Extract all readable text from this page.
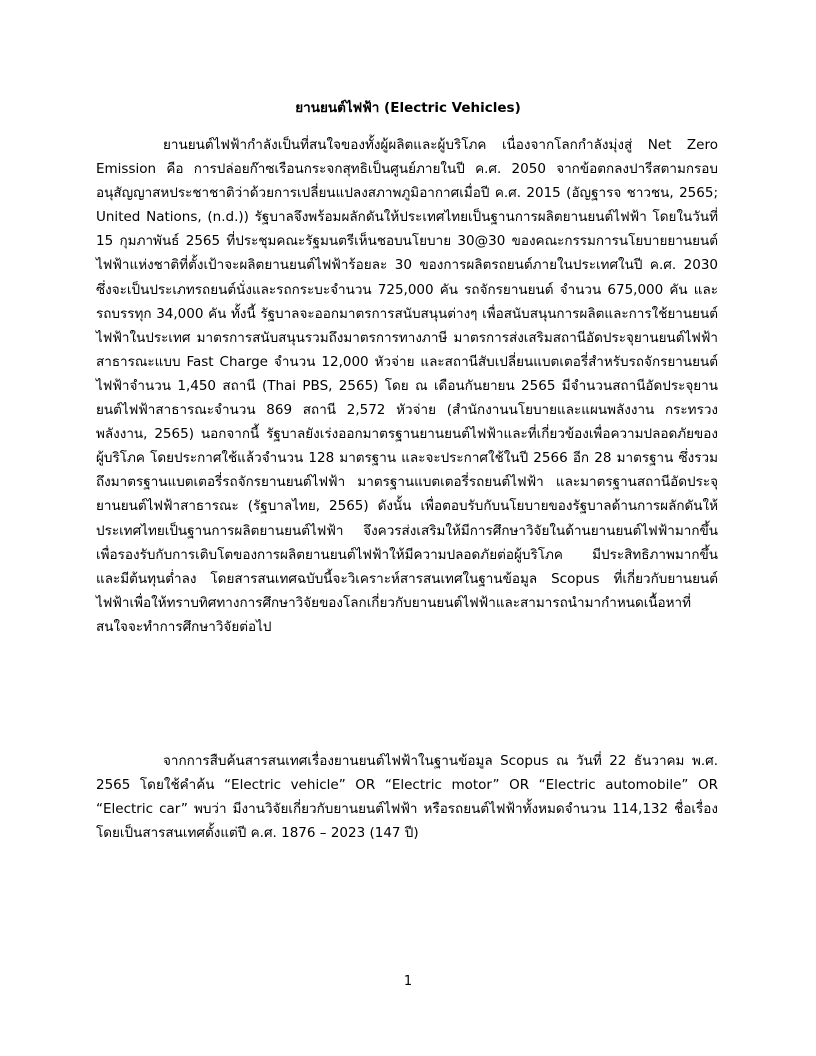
ยานยนต์ไฟฟ้า (Electric Vehicles)

ยานยนต์ไฟฟ้ากำลังเป็นที่สนใจของทั้งผู้ผลิตและผู้บริโภค เนื่องจากโลกกำลังมุ่งสู่ Net Zero Emission คือ การปล่อยก๊าซเรือนกระจกสุทธิเป็นศูนย์ภายในปี ค.ศ. 2050 จากข้อตกลงปารีสตามกรอบอนุสัญญาสหประชาชาติว่าด้วยการเปลี่ยนแปลงสภาพภูมิอากาศเมื่อปี ค.ศ. 2015 (อัญฐารจ ชาวชน, 2565; United Nations, (n.d.)) รัฐบาลจึงพร้อมผลักดันให้ประเทศไทยเป็นฐานการผลิตยานยนต์ไฟฟ้า โดยในวันที่ 15 กุมภาพันธ์ 2565 ที่ประชุมคณะรัฐมนตรีเห็นชอบนโยบาย 30@30 ของคณะกรรมการนโยบายยานยนต์ไฟฟ้าแห่งชาติที่ตั้งเป้าจะผลิตยานยนต์ไฟฟ้าร้อยละ 30 ของการผลิตรถยนต์ภายในประเทศในปี ค.ศ. 2030 ซึ่งจะเป็นประเภทรถยนต์นั่งและรถกระบะจำนวน 725,000 คัน รถจักรยานยนต์ จำนวน 675,000 คัน และรถบรรทุก 34,000 คัน ทั้งนี้ รัฐบาลจะออกมาตรการสนับสนุนต่างๆ เพื่อสนับสนุนการผลิตและการใช้ยานยนต์ไฟฟ้าในประเทศ มาตรการสนับสนุนรวมถึงมาตรการทางภาษี มาตรการส่งเสริมสถานีอัดประจุยานยนต์ไฟฟ้าสาธารณะแบบ Fast Charge จำนวน 12,000 หัวจ่าย และสถานีสับเปลี่ยนแบตเตอรี่สำหรับรถจักรยานยนต์ไฟฟ้าจำนวน 1,450 สถานี (Thai PBS, 2565) โดย ณ เดือนกันยายน 2565 มีจำนวนสถานีอัดประจุยานยนต์ไฟฟ้าสาธารณะจำนวน 869 สถานี 2,572 หัวจ่าย (สำนักงานนโยบายและแผนพลังงาน กระทรวงพลังงาน, 2565) นอกจากนี้ รัฐบาลยังเร่งออกมาตรฐานยานยนต์ไฟฟ้าและที่เกี่ยวข้องเพื่อความปลอดภัยของผู้บริโภค โดยประกาศใช้แล้วจำนวน 128 มาตรฐาน และจะประกาศใช้ในปี 2566 อีก 28 มาตรฐาน ซึ่งรวมถึงมาตรฐานแบตเตอรี่รถจักรยานยนต์ไฟฟ้า มาตรฐานแบตเตอรี่รถยนต์ไฟฟ้า และมาตรฐานสถานีอัดประจุยานยนต์ไฟฟ้าสาธารณะ (รัฐบาลไทย, 2565) ดังนั้น เพื่อตอบรับกับนโยบายของรัฐบาลด้านการผลักดันให้ประเทศไทยเป็นฐานการผลิตยานยนต์ไฟฟ้า จึงควรส่งเสริมให้มีการศึกษาวิจัยในด้านยานยนต์ไฟฟ้ามากขึ้น เพื่อรองรับกับการเติบโตของการผลิตยานยนต์ไฟฟ้าให้มีความปลอดภัยต่อผู้บริโภค มีประสิทธิภาพมากขึ้น และมีต้นทุนต่ำลง โดยสารสนเทศฉบับนี้จะวิเคราะห์สารสนเทศในฐานข้อมูล Scopus ที่เกี่ยวกับยานยนต์ไฟฟ้าเพื่อให้ทราบทิศทางการศึกษาวิจัยของโลกเกี่ยวกับยานยนต์ไฟฟ้าและสามารถนำมากำหนดเนื้อหาที่สนใจจะทำการศึกษาวิจัยต่อไป

จากการสืบค้นสารสนเทศเรื่องยานยนต์ไฟฟ้าในฐานข้อมูล Scopus ณ วันที่ 22 ธันวาคม พ.ศ. 2565 โดยใช้คำค้น “Electric vehicle” OR “Electric motor” OR “Electric automobile” OR “Electric car” พบว่า มีงานวิจัยเกี่ยวกับยานยนต์ไฟฟ้า หรือรถยนต์ไฟฟ้าทั้งหมดจำนวน 114,132 ชื่อเรื่อง โดยเป็นสารสนเทศตั้งแต่ปี ค.ศ. 1876 – 2023 (147 ปี)

1
